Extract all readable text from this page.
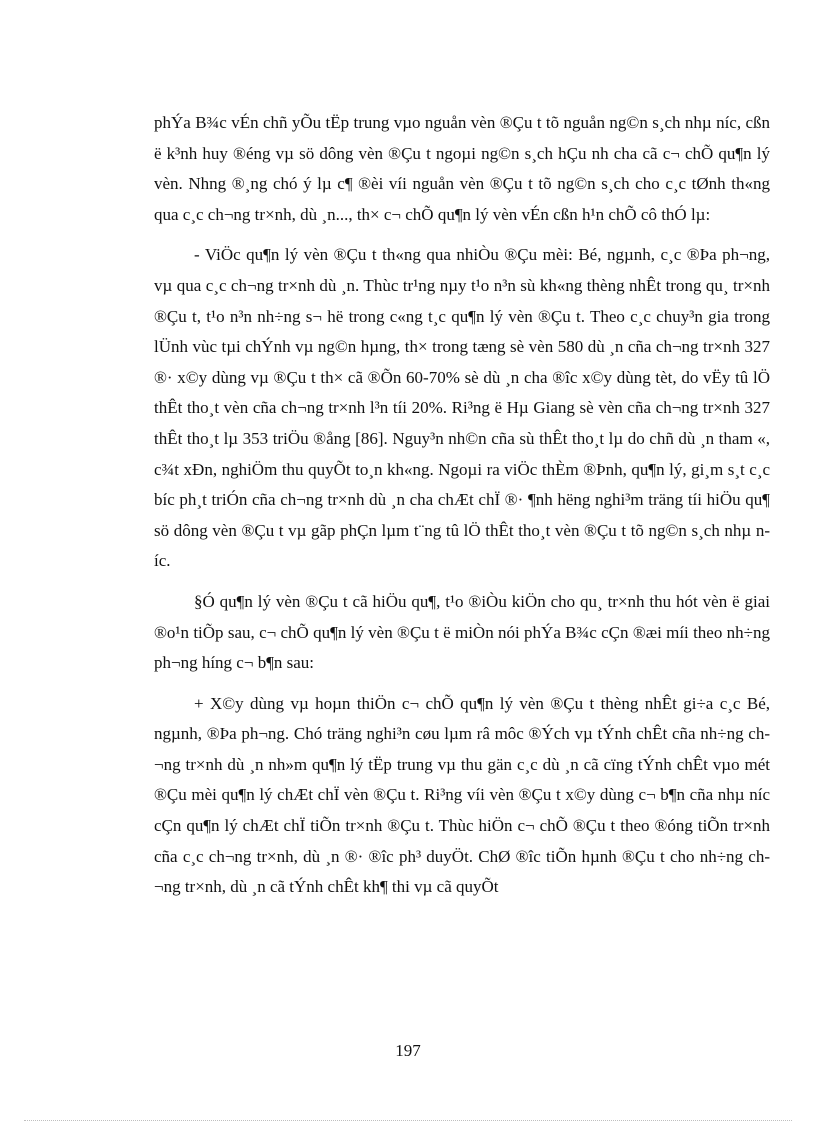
phÝa B¾c vÉn chñ yÕu tËp trung vµo nguån vèn ®Çu t tõ nguån ng©n s¸ch nhµ níc, cßn ë k³nh huy ®éng vµ sö dông vèn ®Çu t ngoµi ng©n s¸ch hÇu nh cha cã c¬ chÕ qu¶n lý vèn. Nhng ®¸ng chó ý lµ c¶ ®èi víi nguån vèn ®Çu t tõ ng©n s¸ch cho c¸c tØnh th«ng qua c¸c ch¬ng tr×nh, dù ¸n..., th× c¬ chÕ qu¶n lý vèn vÉn cßn h¹n chÕ cô thÓ lµ:

- ViÖc qu¶n lý vèn ®Çu t th«ng qua nhiÒu ®Çu mèi: Bé, ngµnh, c¸c ®Þa ph¬ng, vµ qua c¸c ch¬ng tr×nh dù ¸n. Thùc tr¹ng nµy t¹o n³n sù kh«ng thèng nhÊt trong qu¸ tr×nh ®Çu t, t¹o n³n nh÷ng s¬ hë trong c«ng t¸c qu¶n lý vèn ®Çu t. Theo c¸c chuy³n gia trong lÜnh vùc tµi chÝnh vµ ng©n hµng, th× trong tæng sè vèn 580 dù ¸n cña ch¬ng tr×nh 327 ®· x©y dùng vµ ®Çu t th× cã ®Õn 60-70% sè dù ¸n cha ®îc x©y dùng tèt, do vËy tû lÖ thÊt tho¸t vèn cña ch¬ng tr×nh l³n tíi 20%. Ri³ng ë Hµ Giang sè vèn cña ch¬ng tr×nh 327 thÊt tho¸t lµ 353 triÖu ®ång [86]. Nguy³n nh©n cña sù thÊt tho¸t lµ do chñ dù ¸n tham «, c¾t xÐn, nghiÖm thu quyÕt to¸n kh«ng. Ngoµi ra viÖc thÈm ®Þnh, qu¶n lý, gi¸m s¸t c¸c bíc ph¸t triÓn cña ch¬ng tr×nh dù ¸n cha chÆt chÏ ®· ¶nh hëng nghi³m träng tíi hiÖu qu¶ sö dông vèn ®Çu t vµ gãp phÇn lµm t¨ng tû lÖ thÊt tho¸t vèn ®Çu t tõ ng©n s¸ch nhµ níc.

§Ó qu¶n lý vèn ®Çu t cã hiÖu qu¶, t¹o ®iÒu kiÖn cho qu¸ tr×nh thu hót vèn ë giai ®o¹n tiÕp sau, c¬ chÕ qu¶n lý vèn ®Çu t ë miÒn nói phÝa B¾c cÇn ®æi míi theo nh÷ng ph¬ng híng c¬ b¶n sau:

+ X©y dùng vµ hoµn thiÖn c¬ chÕ qu¶n lý vèn ®Çu t thèng nhÊt gi÷a c¸c Bé, ngµnh, ®Þa ph¬ng. Chó träng nghi³n cøu lµm râ môc ®Ých vµ tÝnh chÊt cña nh÷ng ch¬ng tr×nh dù ¸n nh»m qu¶n lý tËp trung vµ thu gän c¸c dù ¸n cã cïng tÝnh chÊt vµo mét ®Çu mèi qu¶n lý chÆt chÏ vèn ®Çu t. Ri³ng víi vèn ®Çu t x©y dùng c¬ b¶n cña nhµ níc cÇn qu¶n lý chÆt chÏ tiÕn tr×nh ®Çu t. Thùc hiÖn c¬ chÕ ®Çu t theo ®óng tiÕn tr×nh cña c¸c ch¬ng tr×nh, dù ¸n ®· ®îc ph³ duyÖt. ChØ ®îc tiÕn hµnh ®Çu t cho nh÷ng ch¬ng tr×nh, dù ¸n cã tÝnh chÊt kh¶ thi vµ cã quyÕt

197
